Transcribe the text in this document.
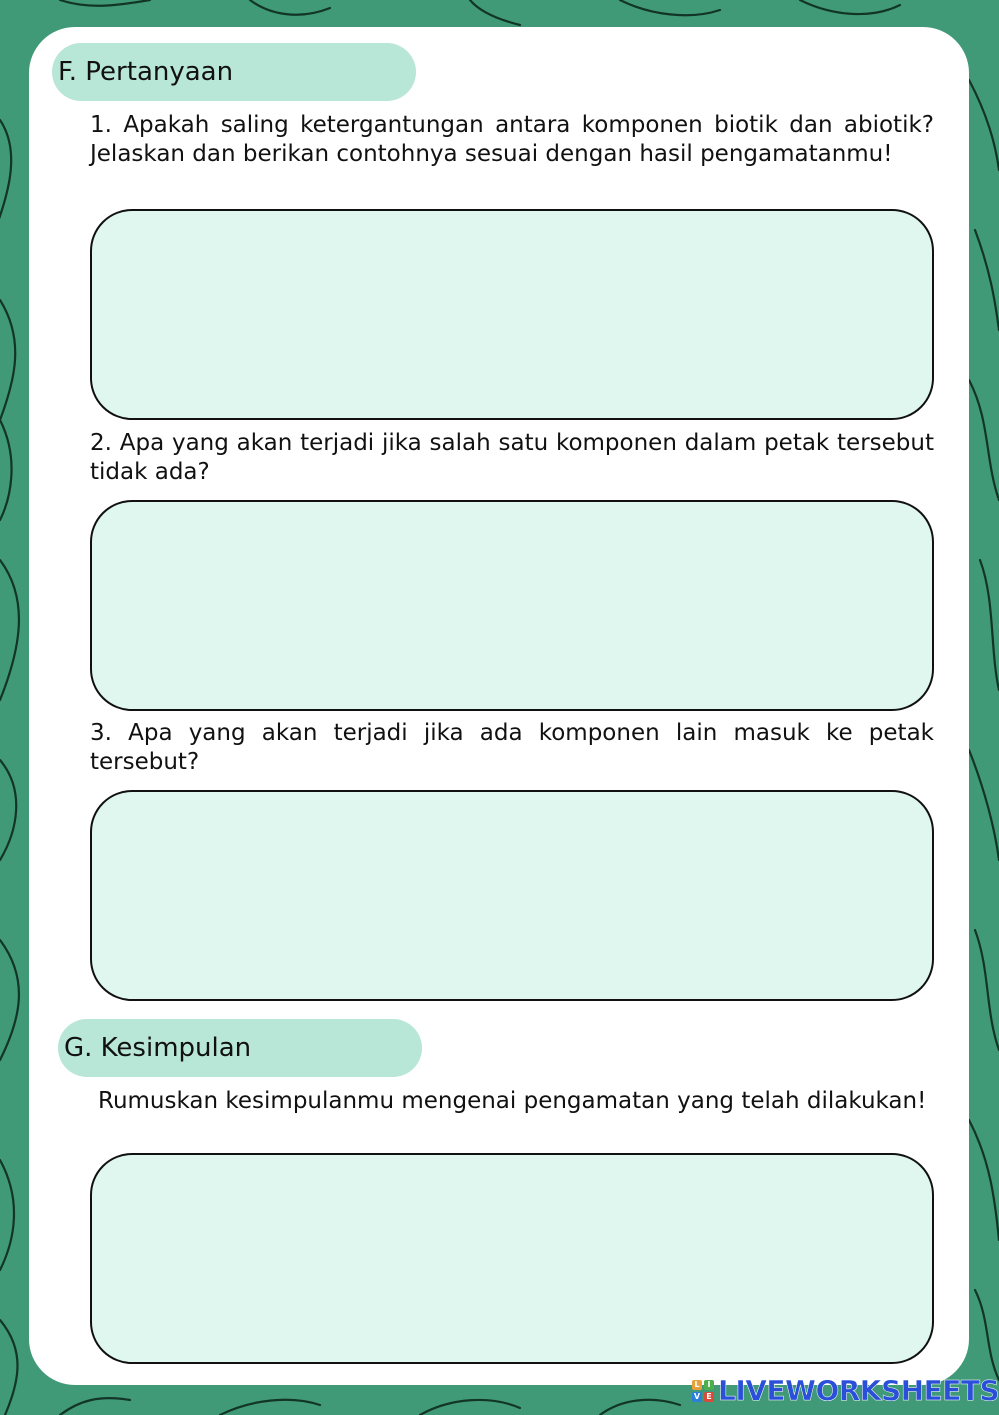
F. Pertanyaan
1. Apakah saling ketergantungan antara komponen biotik dan abiotik? Jelaskan dan berikan contohnya sesuai dengan hasil pengamatanmu!
2. Apa yang akan terjadi jika salah satu komponen dalam petak tersebut tidak ada?
3. Apa yang akan terjadi jika ada komponen lain masuk ke petak tersebut?
G. Kesimpulan
Rumuskan kesimpulanmu mengenai pengamatan yang telah dilakukan!
L I
V E LIVEWORKSHEETS
